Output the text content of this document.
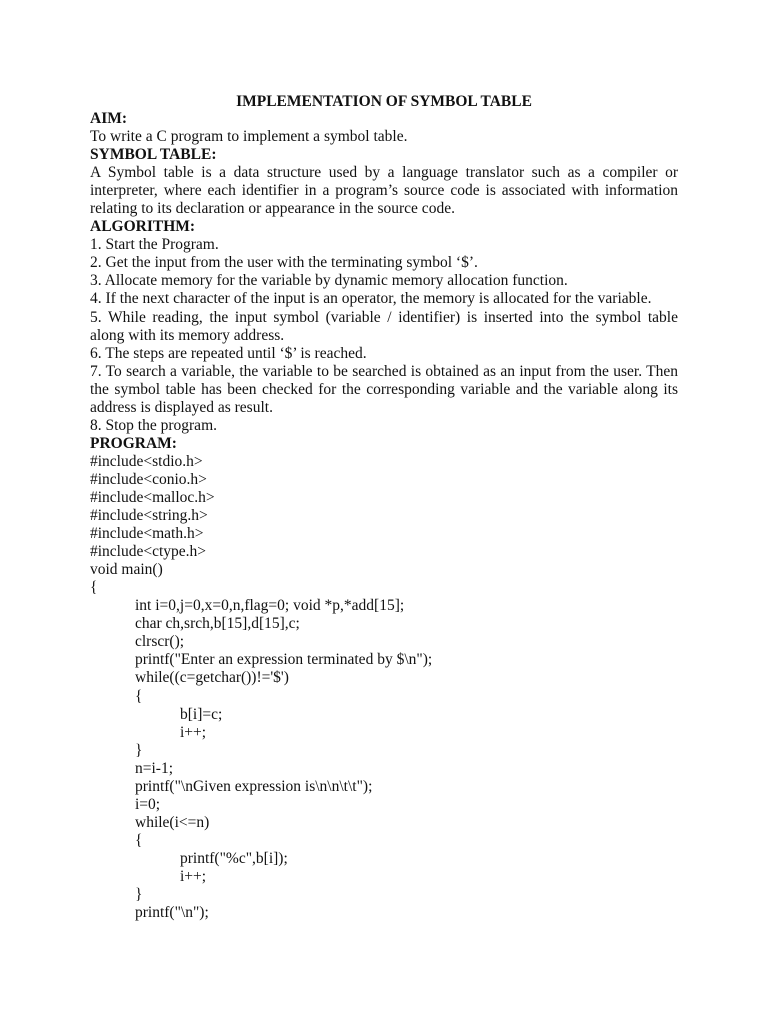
IMPLEMENTATION OF SYMBOL TABLE
AIM:
To write a C program to implement a symbol table.
SYMBOL TABLE:
A Symbol table is a data structure used by a language translator such as a compiler or interpreter, where each identifier in a program’s source code is associated with information relating to its declaration or appearance in the source code.
ALGORITHM:
1. Start the Program.
2. Get the input from the user with the terminating symbol ‘$’.
3. Allocate memory for the variable by dynamic memory allocation function.
4. If the next character of the input is an operator, the memory is allocated for the variable.
5. While reading, the input symbol (variable / identifier) is inserted into the symbol table along with its memory address.
6. The steps are repeated until ‘$’ is reached.
7. To search a variable, the variable to be searched is obtained as an input from the user. Then the symbol table has been checked for the corresponding variable and the variable along its address is displayed as result.
8. Stop the program.
PROGRAM:
#include<stdio.h>
#include<conio.h>
#include<malloc.h>
#include<string.h>
#include<math.h>
#include<ctype.h>
void main()
{
int i=0,j=0,x=0,n,flag=0; void *p,*add[15];
char ch,srch,b[15],d[15],c;
clrscr();
printf("Enter an expression terminated by $\n");
while((c=getchar())!='$')
{
b[i]=c;
i++;
}
n=i-1;
printf("\nGiven expression is\n\n\t\t");
i=0;
while(i<=n)
{
printf("%c",b[i]);
i++;
}
printf("\n");
